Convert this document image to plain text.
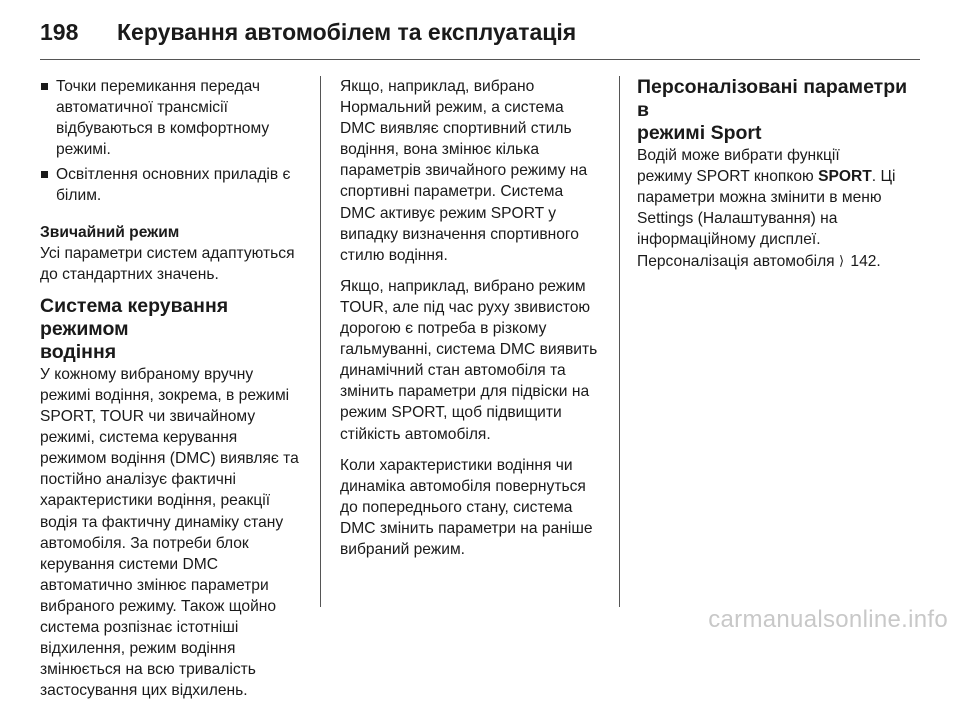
198	Керування автомобілем та експлуатація
Точки перемикання передач
автоматичної трансмісії
відбуваються в комфортному
режимі.
Освітлення основних приладів є
білим.
Звичайний режим
Усі параметри систем адаптуються
до стандартних значень.
Система керування режимом
водіння
У кожному вибраному вручну
режимі водіння, зокрема, в режимі
SPORT, TOUR чи звичайному
режимі, система керування
режимом водіння (DMC) виявляє та
постійно аналізує фактичні
характеристики водіння, реакції
водія та фактичну динаміку стану
автомобіля. За потреби блок
керування системи DMC
автоматично змінює параметри
вибраного режиму. Також щойно
система розпізнає істотніші
відхилення, режим водіння
змінюється на всю тривалість
застосування цих відхилень.
Якщо, наприклад, вибрано
Нормальний режим, а система
DMC виявляє спортивний стиль
водіння, вона змінює кілька
параметрів звичайного режиму на
спортивні параметри. Система
DMC активує режим SPORT у
випадку визначення спортивного
стилю водіння.
Якщо, наприклад, вибрано режим
TOUR, але під час руху звивистою
дорогою є потреба в різкому
гальмуванні, система DMC виявить
динамічний стан автомобіля та
змінить параметри для підвіски на
режим SPORT, щоб підвищити
стійкість автомобіля.
Коли характеристики водіння чи
динаміка автомобіля повернуться
до попереднього стану, система
DMC змінить параметри на раніше
вибраний режим.
Персоналізовані параметри в
режимі Sport
Водій може вибрати функції
режиму SPORT кнопкою SPORT. Ці
параметри можна змінити в меню
Settings (Налаштування) на
інформаційному дисплеї.
Персоналізація автомобіля ⟩ 142.
carmanualsonline.info
